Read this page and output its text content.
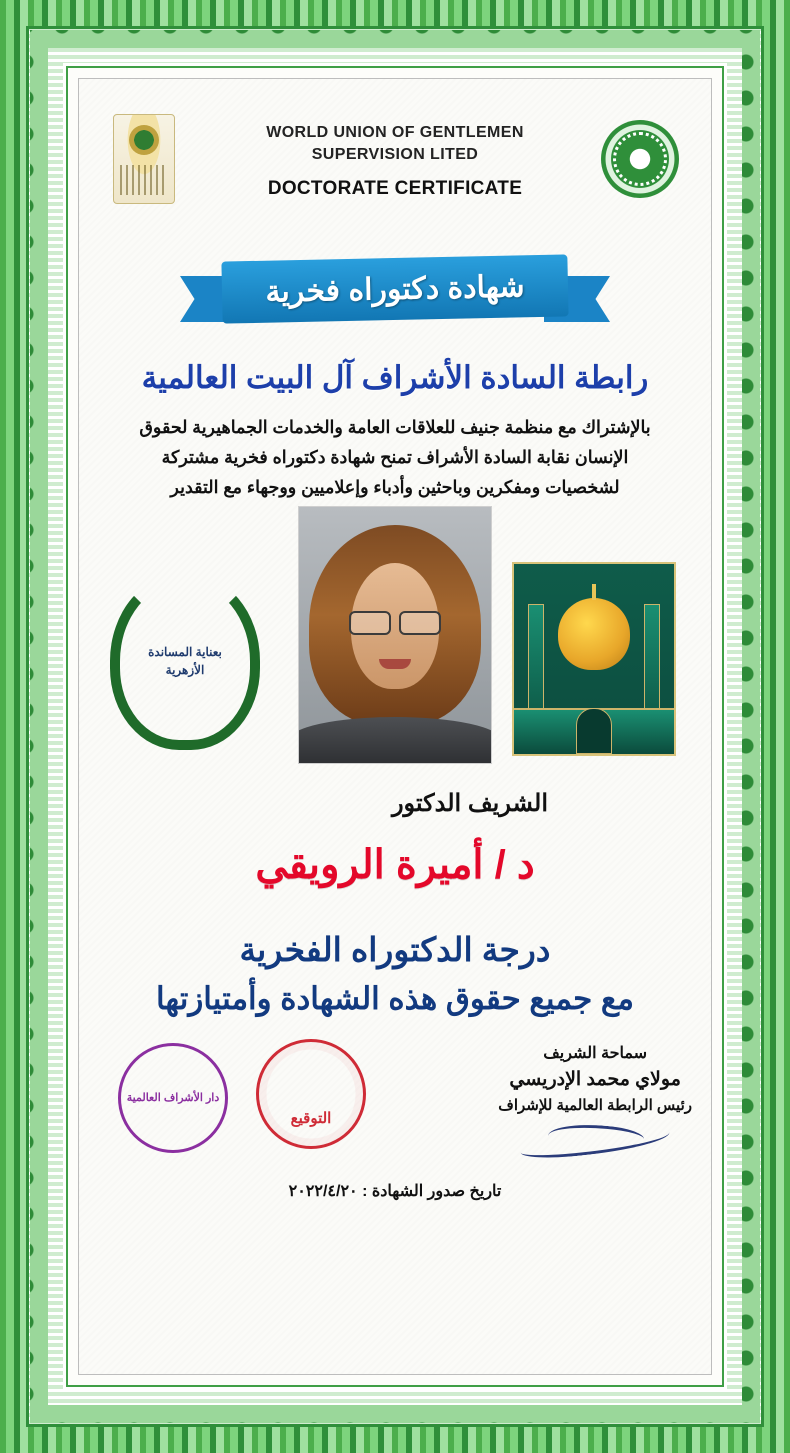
WORLD UNION OF GENTLEMEN
SUPERVISION LITED
DOCTORATE CERTIFICATE
شهادة دكتوراه فخرية
رابطة السادة الأشراف آل البيت العالمية
بالإشتراك مع منظمة جنيف للعلاقات العامة والخدمات الجماهيرية لحقوق
الإنسان نقابة السادة الأشراف تمنح شهادة دكتوراه فخرية مشتركة
لشخصيات ومفكرين وباحثين وأدباء وإعلاميين ووجهاء مع التقدير
بعناية المساندة الأزهرية
الشريف الدكتور
د / أميرة الرويقي
درجة الدكتوراه الفخرية
مع جميع حقوق هذه الشهادة وأمتيازتها
سماحة الشريف
مولاي محمد الإدريسي
رئيس الرابطة العالمية للإشراف
دار الأشراف العالمية
التوقيع
تاريخ صدور الشهادة : ٢٠٢٢/٤/٢٠
